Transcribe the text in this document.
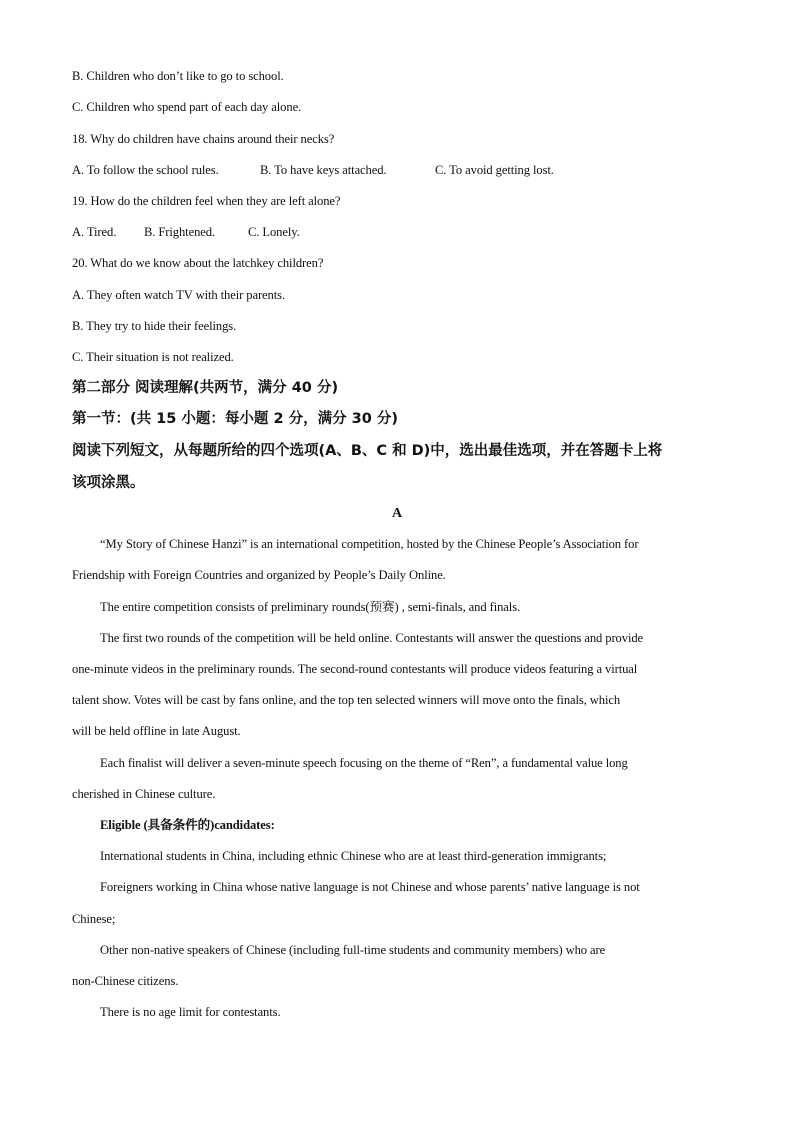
B. Children who don’t like to go to school.
C. Children who spend part of each day alone.
18. Why do children have chains around their necks?
A. To follow the school rules.	B. To have keys attached.	C. To avoid getting lost.
19. How do the children feel when they are left alone?
A. Tired. B. Frightened.	C. Lonely.
20. What do we know about the latchkey children?
A. They often watch TV with their parents.
B. They try to hide their feelings.
C. Their situation is not realized.
第二部分 阅读理解(共两节，满分 40 分)
第一节：(共 15 小题：每小题 2 分，满分 30 分)
阅读下列短文，从每题所给的四个选项(A、B、C 和 D)中，选出最佳选项，并在答题卡上将
该项涂黑。
A
“My Story of Chinese Hanzi” is an international competition, hosted by the Chinese People’s Association for
Friendship with Foreign Countries and organized by People’s Daily Online.
The entire competition consists of preliminary rounds(预赛) , semi-finals, and finals.
The first two rounds of the competition will be held online. Contestants will answer the questions and provide
one-minute videos in the preliminary rounds. The second-round contestants will produce videos featuring a virtual
talent show. Votes will be cast by fans online, and the top ten selected winners will move onto the finals, which
will be held offline in late August.
Each finalist will deliver a seven-minute speech focusing on the theme of “Ren”, a fundamental value long
cherished in Chinese culture.
Eligible (具备条件的)candidates:
International students in China, including ethnic Chinese who are at least third-generation immigrants;
Foreigners working in China whose native language is not Chinese and whose parents’ native language is not
Chinese;
Other non-native speakers of Chinese (including full-time students and community members) who are
non-Chinese citizens.
There is no age limit for contestants.
